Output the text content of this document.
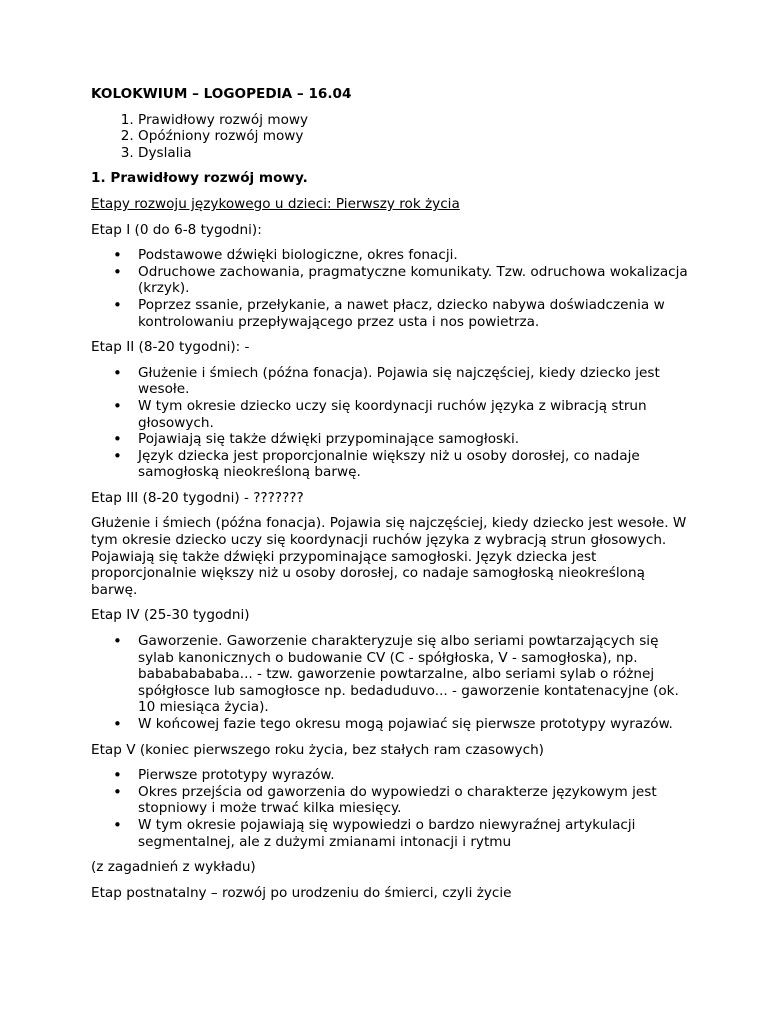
KOLOKWIUM – LOGOPEDIA – 16.04

1. Prawidłowy rozwój mowy
2. Opóźniony rozwój mowy
3. Dyslalia

1. Prawidłowy rozwój mowy.

Etapy rozwoju językowego u dzieci: Pierwszy rok życia

Etap I (0 do 6-8 tygodni):

• Podstawowe dźwięki biologiczne, okres fonacji.
• Odruchowe zachowania, pragmatyczne komunikaty. Tzw. odruchowa wokalizacja (krzyk).
• Poprzez ssanie, przełykanie, a nawet płacz, dziecko nabywa doświadczenia w kontrolowaniu przepływającego przez usta i nos powietrza.

Etap II (8-20 tygodni): -

• Głużenie i śmiech (późna fonacja). Pojawia się najczęściej, kiedy dziecko jest wesołe.
• W tym okresie dziecko uczy się koordynacji ruchów języka z wibracją strun głosowych.
• Pojawiają się także dźwięki przypominające samogłoski.
• Język dziecka jest proporcjonalnie większy niż u osoby dorosłej, co nadaje samogłoską nieokreśloną barwę.

Etap III (8-20 tygodni) - ???????

Głużenie i śmiech (późna fonacja). Pojawia się najczęściej, kiedy dziecko jest wesołe. W tym okresie dziecko uczy się koordynacji ruchów języka z wybracją strun głosowych. Pojawiają się także dźwięki przypominające samogłoski. Język dziecka jest proporcjonalnie większy niż u osoby dorosłej, co nadaje samogłoską nieokreśloną barwę.

Etap IV (25-30 tygodni)

• Gaworzenie. Gaworzenie charakteryzuje się albo seriami powtarzających się sylab kanonicznych o budowanie CV (C - spółgłoska, V - samogłoska), np. babababababa... - tzw. gaworzenie powtarzalne, albo seriami sylab o różnej spółgłosce lub samogłosce np. bedaduduvo... - gaworzenie kontatenacyjne (ok. 10 miesiąca życia).
• W końcowej fazie tego okresu mogą pojawiać się pierwsze prototypy wyrazów.

Etap V (koniec pierwszego roku życia, bez stałych ram czasowych)

• Pierwsze prototypy wyrazów.
• Okres przejścia od gaworzenia do wypowiedzi o charakterze językowym jest stopniowy i może trwać kilka miesięcy.
• W tym okresie pojawiają się wypowiedzi o bardzo niewyraźnej artykulacji segmentalnej, ale z dużymi zmianami intonacji i rytmu

(z zagadnień z wykładu)

Etap postnatalny – rozwój po urodzeniu do śmierci, czyli życie
